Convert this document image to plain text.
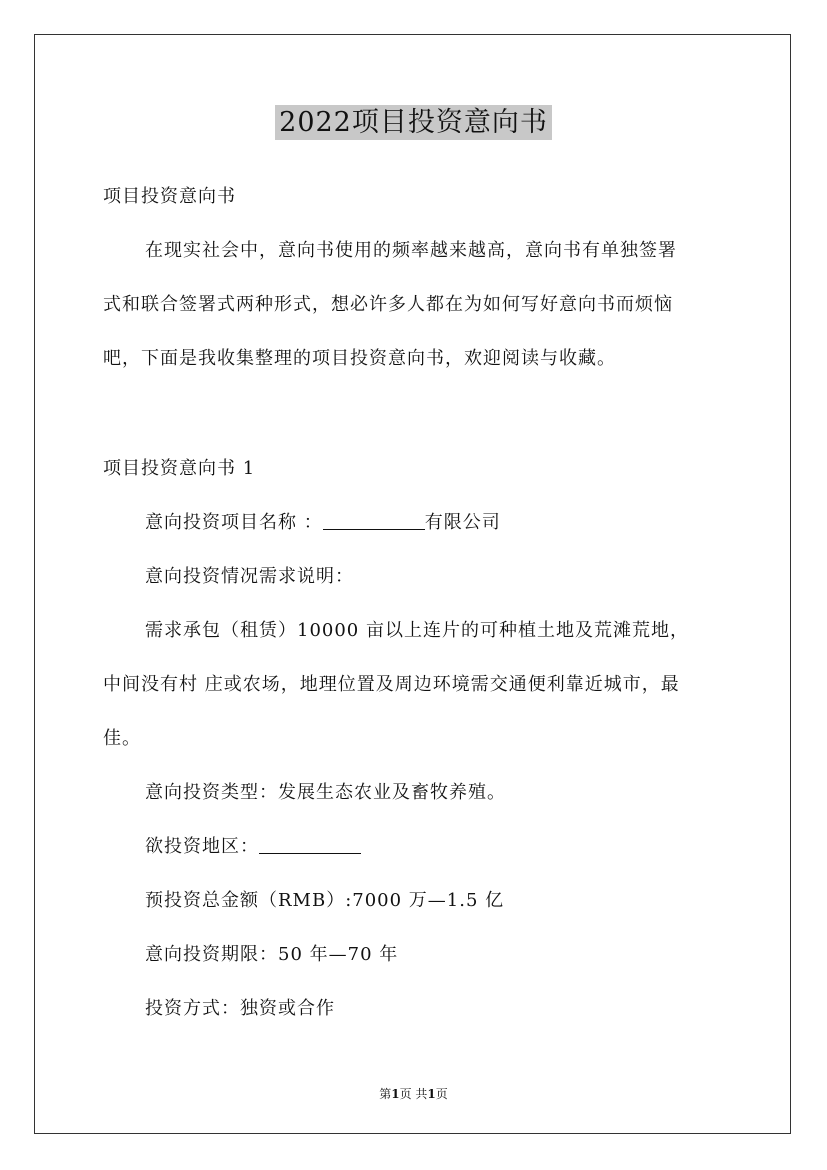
2022项目投资意向书
项目投资意向书
在现实社会中，意向书使用的频率越来越高，意向书有单独签署
式和联合签署式两种形式，想必许多人都在为如何写好意向书而烦恼
吧，下面是我收集整理的项目投资意向书，欢迎阅读与收藏。
项目投资意向书 1
意向投资项目名称 ：	有限公司
意向投资情况需求说明：
需求承包（租赁）10000 亩以上连片的可种植土地及荒滩荒地，
中间没有村 庄或农场，地理位置及周边环境需交通便利靠近城市，最
佳。
意向投资类型：发展生态农业及畜牧养殖。
欲投资地区：
预投资总金额（RMB）:7000 万—1.5 亿
意向投资期限：50 年—70 年
投资方式：独资或合作
第1页 共1页
